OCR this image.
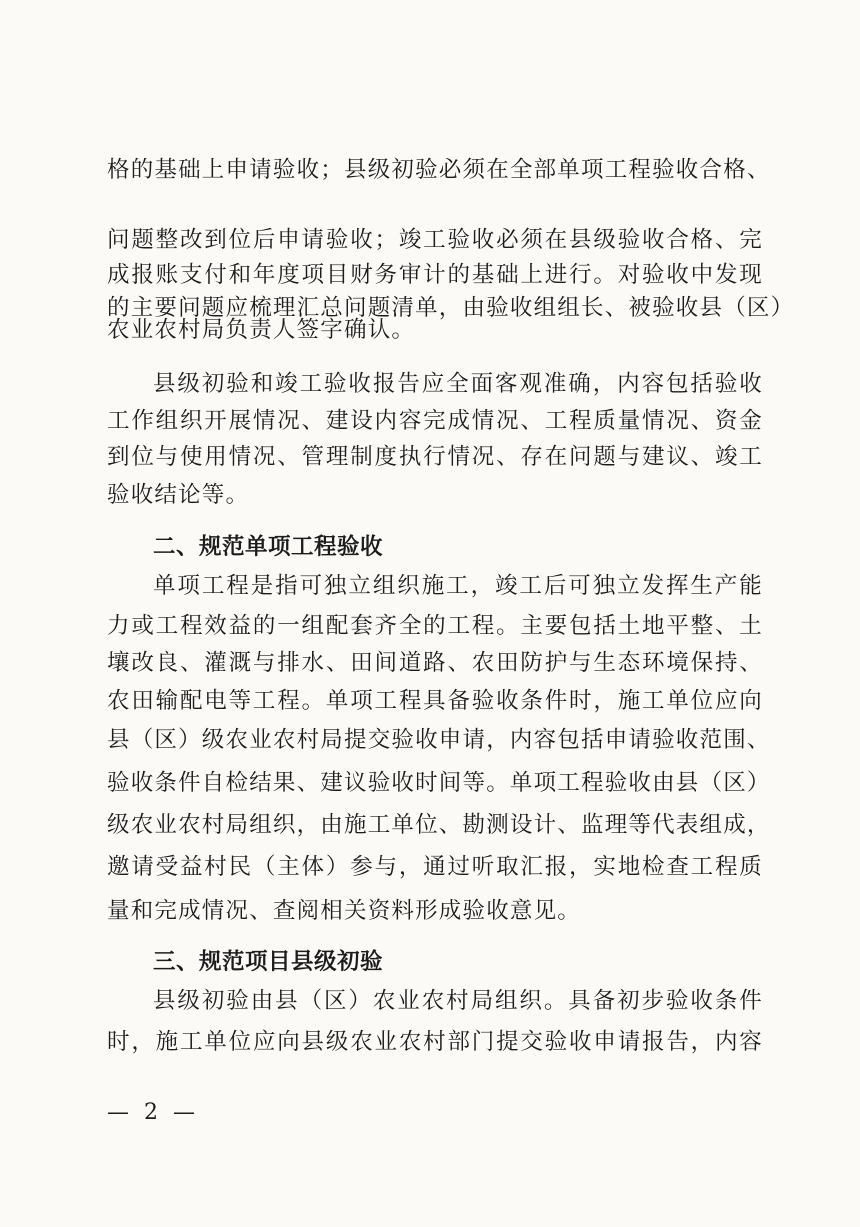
格的基础上申请验收；县级初验必须在全部单项工程验收合格、
问题整改到位后申请验收；竣工验收必须在县级验收合格、完
成报账支付和年度项目财务审计的基础上进行。对验收中发现
的主要问题应梳理汇总问题清单，由验收组组长、被验收县（区）
农业农村局负责人签字确认。
县级初验和竣工验收报告应全面客观准确，内容包括验收
工作组织开展情况、建设内容完成情况、工程质量情况、资金
到位与使用情况、管理制度执行情况、存在问题与建议、竣工
验收结论等。
二、规范单项工程验收
单项工程是指可独立组织施工，竣工后可独立发挥生产能
力或工程效益的一组配套齐全的工程。主要包括土地平整、土
壤改良、灌溉与排水、田间道路、农田防护与生态环境保持、
农田输配电等工程。单项工程具备验收条件时，施工单位应向
县（区）级农业农村局提交验收申请，内容包括申请验收范围、
验收条件自检结果、建议验收时间等。单项工程验收由县（区）
级农业农村局组织，由施工单位、勘测设计、监理等代表组成，
邀请受益村民（主体）参与，通过听取汇报，实地检查工程质
量和完成情况、查阅相关资料形成验收意见。
三、规范项目县级初验
县级初验由县（区）农业农村局组织。具备初步验收条件
时，施工单位应向县级农业农村部门提交验收申请报告，内容
— 2 —
